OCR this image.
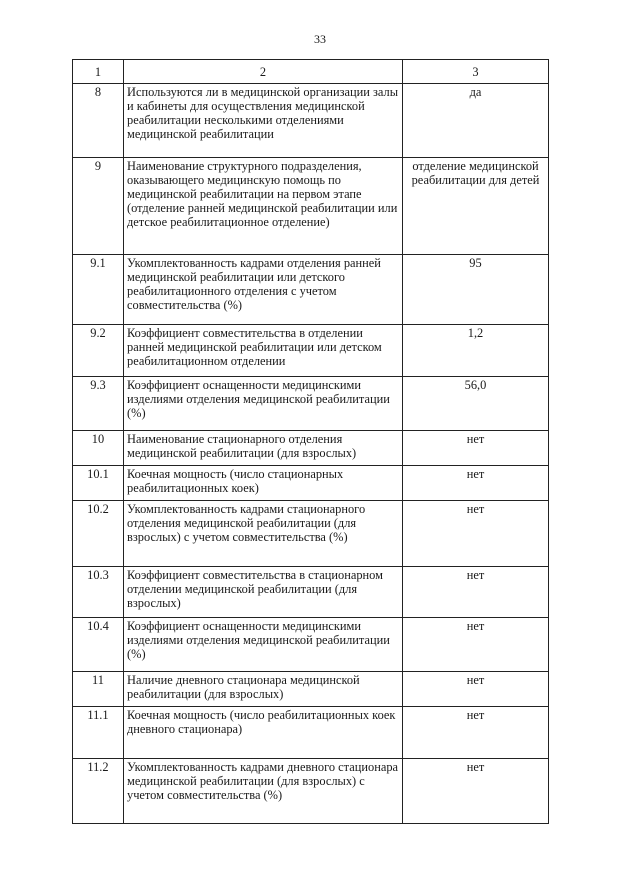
33
1	2	3
8	Используются ли в медицинской организации залы и кабинеты для осуществления медицинской реабилитации несколькими отделениями медицинской реабилитации	да
9	Наименование структурного подразделения, оказывающего медицинскую помощь по медицинской реабилитации на первом этапе (отделение ранней медицинской реабилитации или детское реабилитационное отделение)	отделение медицинской реабилитации для детей
9.1	Укомплектованность кадрами отделения ранней медицинской реабилитации или детского реабилитационного отделения с учетом совместительства (%)	95
9.2	Коэффициент совместительства в отделении ранней медицинской реабилитации или детском реабилитационном отделении	1,2
9.3	Коэффициент оснащенности медицинскими изделиями отделения медицинской реабилитации (%)	56,0
10	Наименование стационарного отделения медицинской реабилитации (для взрослых)	нет
10.1	Коечная мощность (число стационарных реабилитационных коек)	нет
10.2	Укомплектованность кадрами стационарного отделения медицинской реабилитации (для взрослых) с учетом совместительства (%)	нет
10.3	Коэффициент совместительства в стационарном отделении медицинской реабилитации (для взрослых)	нет
10.4	Коэффициент оснащенности медицинскими изделиями отделения медицинской реабилитации (%)	нет
11	Наличие дневного стационара медицинской реабилитации (для взрослых)	нет
11.1	Коечная мощность (число реабилитационных коек дневного стационара)	нет
11.2	Укомплектованность кадрами дневного стационара медицинской реабилитации (для взрослых) с учетом совместительства (%)	нет
